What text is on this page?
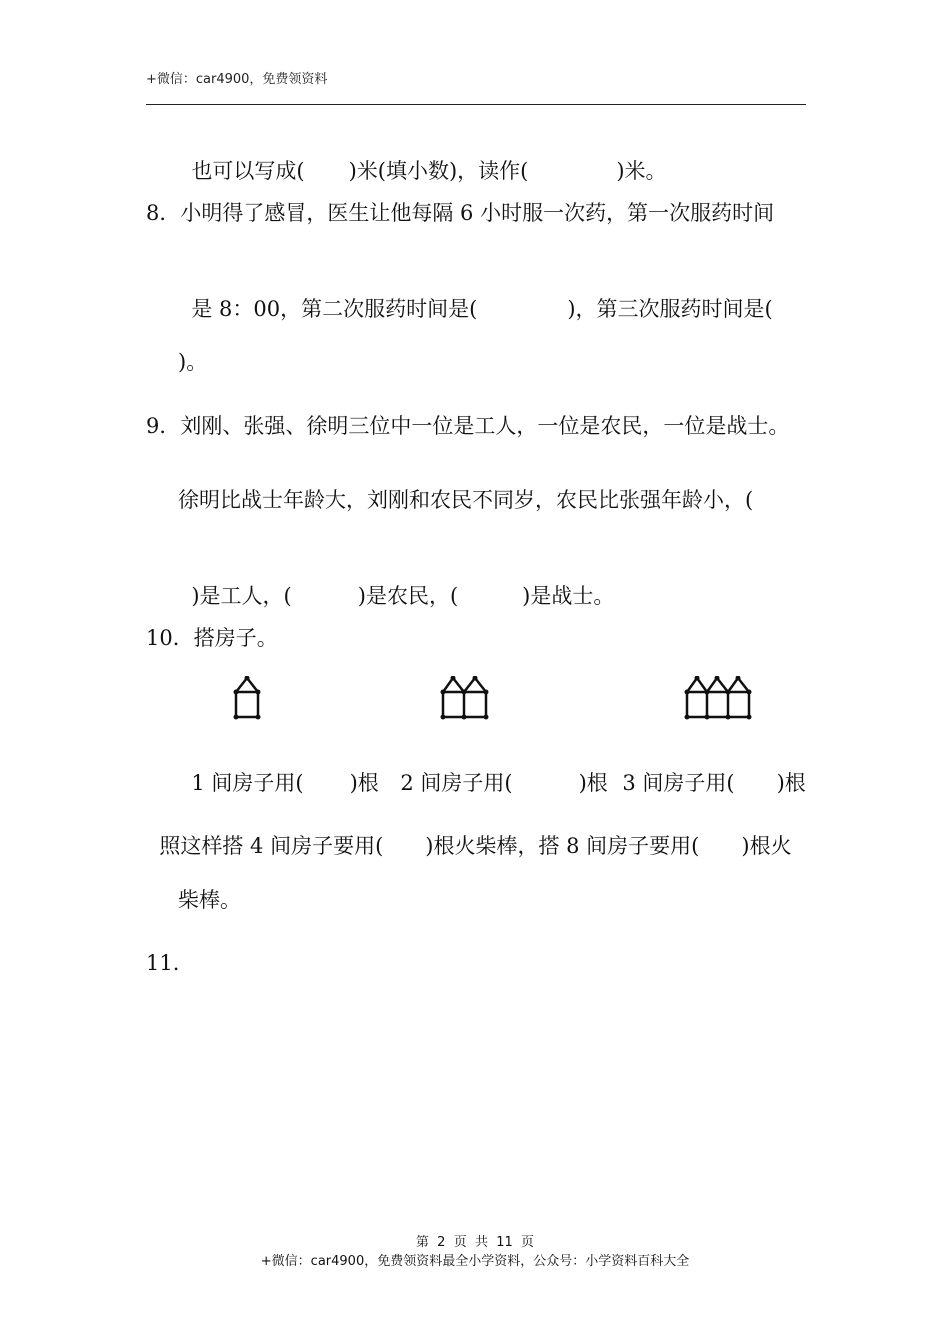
+微信：car4900，免费领资料

也可以写成( )米(填小数)，读作(	)米。

8．小明得了感冒，医生让他每隔 6 小时服一次药，第一次服药时间

是 8：00，第二次服药时间是(	)，第三次服药时间是(

)。
9．刘刚、张强、徐明三位中一位是工人，一位是农民，一位是战士。
徐明比战士年龄大，刘刚和农民不同岁，农民比张强年龄小，(

)是工人，(	)是农民，(	)是战士。

10．搭房子。

1 间房子用( )根	2 间房子用(	)根 3 间房子用( )根

照这样搭 4 间房子要用( )根火柴棒，搭 8 间房子要用( )根火

柴棒。
11.
第  2  页  共  11  页
+微信：car4900，免费领资料最全小学资料，公众号：小学资料百科大全
